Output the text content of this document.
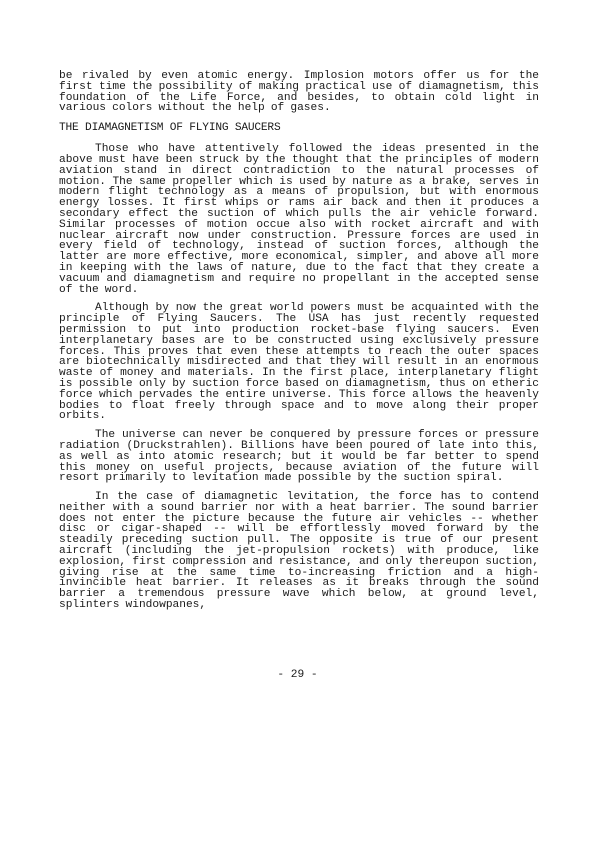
be rivaled by even atomic energy. Implosion motors offer us for the first time the possibility of making practical use of diamagnetism, this foundation of the Life Force, and besides, to obtain cold light in various colors without the help of gases.

THE DIAMAGNETISM OF FLYING SAUCERS

Those who have attentively followed the ideas presented in the above must have been struck by the thought that the principles of modern aviation stand in direct contradiction to the natural processes of motion. The same propeller which is used by nature as a brake, serves in modern flight technology as a means of propulsion, but with enormous energy losses. It first whips or rams air back and then it produces a secondary effect the suction of which pulls the air vehicle forward. Similar processes of motion occue also with rocket aircraft and with nuclear aircraft now under construction. Pressure forces are used in every field of technology, instead of suction forces, although the latter are more effective, more economical, simpler, and above all more in keeping with the laws of nature, due to the fact that they create a vacuum and diamagnetism and require no propellant in the accepted sense of the word.

Although by now the great world powers must be acquainted with the principle of Flying Saucers. The USA has just recently requested permission to put into production rocket-base flying saucers. Even interplanetary bases are to be constructed using exclusively pressure forces. This proves that even these attempts to reach the outer spaces are biotechnically misdirected and that they will result in an enormous waste of money and materials. In the first place, interplanetary flight is possible only by suction force based on diamagnetism, thus on etheric force which pervades the entire universe. This force allows the heavenly bodies to float freely through space and to move along their proper orbits.

The universe can never be conquered by pressure forces or pressure radiation (Druckstrahlen). Billions have been poured of late into this, as well as into atomic research; but it would be far better to spend this money on useful projects, because aviation of the future will resort primarily to levitation made possible by the suction spiral.

In the case of diamagnetic levitation, the force has to contend neither with a sound barrier nor with a heat barrier. The sound barrier does not enter the picture because the future air vehicles -- whether disc or cigar-shaped -- will be effortlessly moved forward by the steadily preceding suction pull. The opposite is true of our present aircraft (including the jet-propulsion rockets) with produce, like explosion, first compression and resistance, and only thereupon suction, giving rise at the same time to-increasing friction and a high-invincible heat barrier. It releases as it breaks through the sound barrier a tremendous pressure wave which below, at ground level, splinters windowpanes,

- 29 -
